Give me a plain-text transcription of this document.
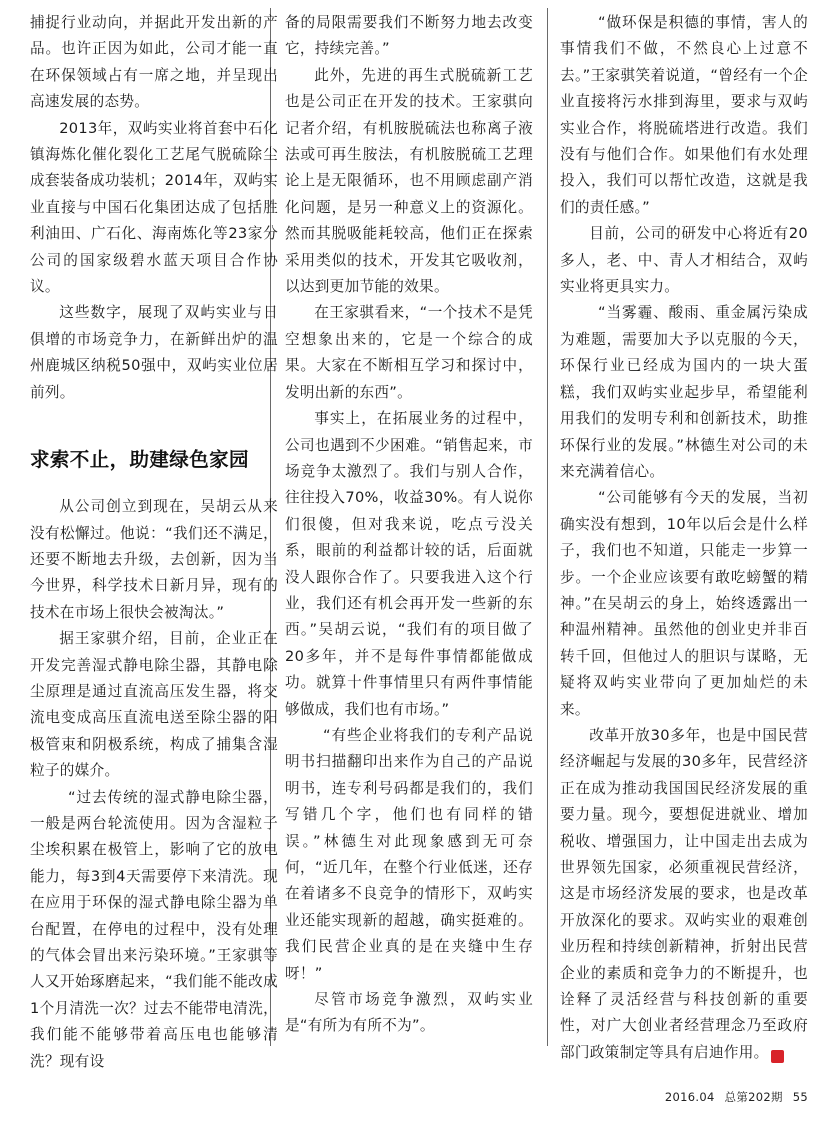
捕捉行业动向，并据此开发出新的产品。也许正因为如此，公司才能一直在环保领域占有一席之地，并呈现出高速发展的态势。

2013年，双屿实业将首套中石化镇海炼化催化裂化工艺尾气脱硫除尘成套装备成功装机；2014年，双屿实业直接与中国石化集团达成了包括胜利油田、广石化、海南炼化等23家分公司的国家级碧水蓝天项目合作协议。

这些数字，展现了双屿实业与日俱增的市场竞争力，在新鲜出炉的温州鹿城区纳税50强中，双屿实业位居前列。

求索不止，助建绿色家园

从公司创立到现在，吴胡云从来没有松懈过。他说：“我们还不满足，还要不断地去升级，去创新，因为当今世界，科学技术日新月异，现有的技术在市场上很快会被淘汰。”

据王家骐介绍，目前，企业正在开发完善湿式静电除尘器，其静电除尘原理是通过直流高压发生器，将交流电变成高压直流电送至除尘器的阳极管束和阴极系统，构成了捕集含湿粒子的媒介。

“过去传统的湿式静电除尘器，一般是两台轮流使用。因为含湿粒子尘埃积累在极管上，影响了它的放电能力，每3到4天需要停下来清洗。现在应用于环保的湿式静电除尘器为单台配置，在停电的过程中，没有处理的气体会冒出来污染环境。”王家骐等人又开始琢磨起来，“我们能不能改成1个月清洗一次？过去不能带电清洗，我们能不能够带着高压电也能够清洗？现有设

备的局限需要我们不断努力地去改变它，持续完善。”

此外，先进的再生式脱硫新工艺也是公司正在开发的技术。王家骐向记者介绍，有机胺脱硫法也称离子液法或可再生胺法，有机胺脱硫工艺理论上是无限循环，也不用顾虑副产消化问题，是另一种意义上的资源化。然而其脱吸能耗较高，他们正在探索采用类似的技术，开发其它吸收剂，以达到更加节能的效果。

在王家骐看来，“一个技术不是凭空想象出来的，它是一个综合的成果。大家在不断相互学习和探讨中，发明出新的东西”。

事实上，在拓展业务的过程中，公司也遇到不少困难。“销售起来，市场竞争太激烈了。我们与别人合作，往往投入70%，收益30%。有人说你们很傻，但对我来说，吃点亏没关系，眼前的利益都计较的话，后面就没人跟你合作了。只要我进入这个行业，我们还有机会再开发一些新的东西。”吴胡云说，“我们有的项目做了20多年，并不是每件事情都能做成功。就算十件事情里只有两件事情能够做成，我们也有市场。”

“有些企业将我们的专利产品说明书扫描翻印出来作为自己的产品说明书，连专利号码都是我们的，我们写错几个字，他们也有同样的错误。”林德生对此现象感到无可奈何，“近几年，在整个行业低迷，还存在着诸多不良竞争的情形下，双屿实业还能实现新的超越，确实挺难的。我们民营企业真的是在夹缝中生存呀！”

尽管市场竞争激烈，双屿实业是“有所为有所不为”。

“做环保是积德的事情，害人的事情我们不做，不然良心上过意不去。”王家骐笑着说道，“曾经有一个企业直接将污水排到海里，要求与双屿实业合作，将脱硫塔进行改造。我们没有与他们合作。如果他们有水处理投入，我们可以帮忙改造，这就是我们的责任感。”

目前，公司的研发中心将近有20多人，老、中、青人才相结合，双屿实业将更具实力。

“当雾霾、酸雨、重金属污染成为难题，需要加大予以克服的今天，环保行业已经成为国内的一块大蛋糕，我们双屿实业起步早，希望能利用我们的发明专利和创新技术，助推环保行业的发展。”林德生对公司的未来充满着信心。

“公司能够有今天的发展，当初确实没有想到，10年以后会是什么样子，我们也不知道，只能走一步算一步。一个企业应该要有敢吃螃蟹的精神。”在吴胡云的身上，始终透露出一种温州精神。虽然他的创业史并非百转千回，但他过人的胆识与谋略，无疑将双屿实业带向了更加灿烂的未来。

改革开放30多年，也是中国民营经济崛起与发展的30多年，民营经济正在成为推动我国国民经济发展的重要力量。现今，要想促进就业、增加税收、增强国力，让中国走出去成为世界领先国家，必须重视民营经济，这是市场经济发展的要求，也是改革开放深化的要求。双屿实业的艰难创业历程和持续创新精神，折射出民营企业的素质和竞争力的不断提升，也诠释了灵活经营与科技创新的重要性，对广大创业者经营理念乃至政府部门政策制定等具有启迪作用。	津

2016.04 总第202期 55
